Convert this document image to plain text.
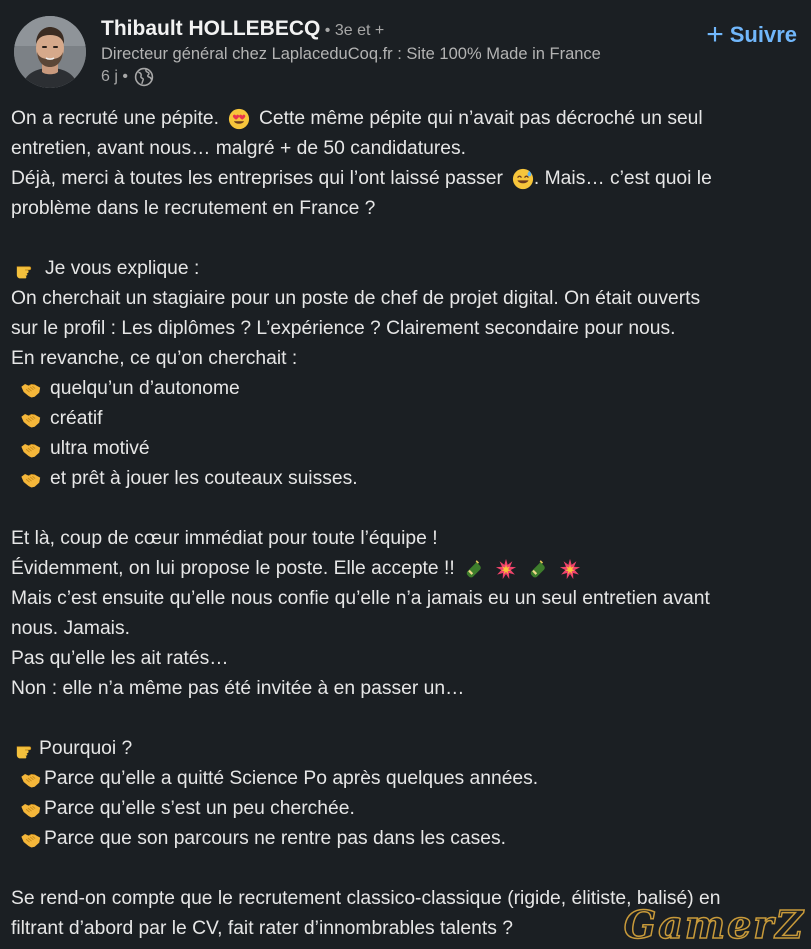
Thibault HOLLEBECQ • 3e et +
Directeur général chez LaplaceduCoq.fr : Site 100% Made in France
6 j •
+ Suivre
On a recruté une pépite. Cette même pépite qui n’avait pas décroché un seul
entretien, avant nous… malgré + de 50 candidatures.
Déjà, merci à toutes les entreprises qui l’ont laissé passer . Mais… c’est quoi le
problème dans le recrutement en France ?
Je vous explique :
On cherchait un stagiaire pour un poste de chef de projet digital. On était ouverts
sur le profil : Les diplômes ? L’expérience ? Clairement secondaire pour nous.
En revanche, ce qu’on cherchait :
quelqu’un d’autonome
créatif
ultra motivé
et prêt à jouer les couteaux suisses.
Et là, coup de cœur immédiat pour toute l’équipe !
Évidemment, on lui propose le poste. Elle accepte !!
Mais c’est ensuite qu’elle nous confie qu’elle n’a jamais eu un seul entretien avant
nous. Jamais.
Pas qu’elle les ait ratés…
Non : elle n’a même pas été invitée à en passer un…
Pourquoi ?
Parce qu’elle a quitté Science Po après quelques années.
Parce qu’elle s’est un peu cherchée.
Parce que son parcours ne rentre pas dans les cases.
Se rend-on compte que le recrutement classico-classique (rigide, élitiste, balisé) en
filtrant d’abord par le CV, fait rater d’innombrables talents ?	GamerZ
